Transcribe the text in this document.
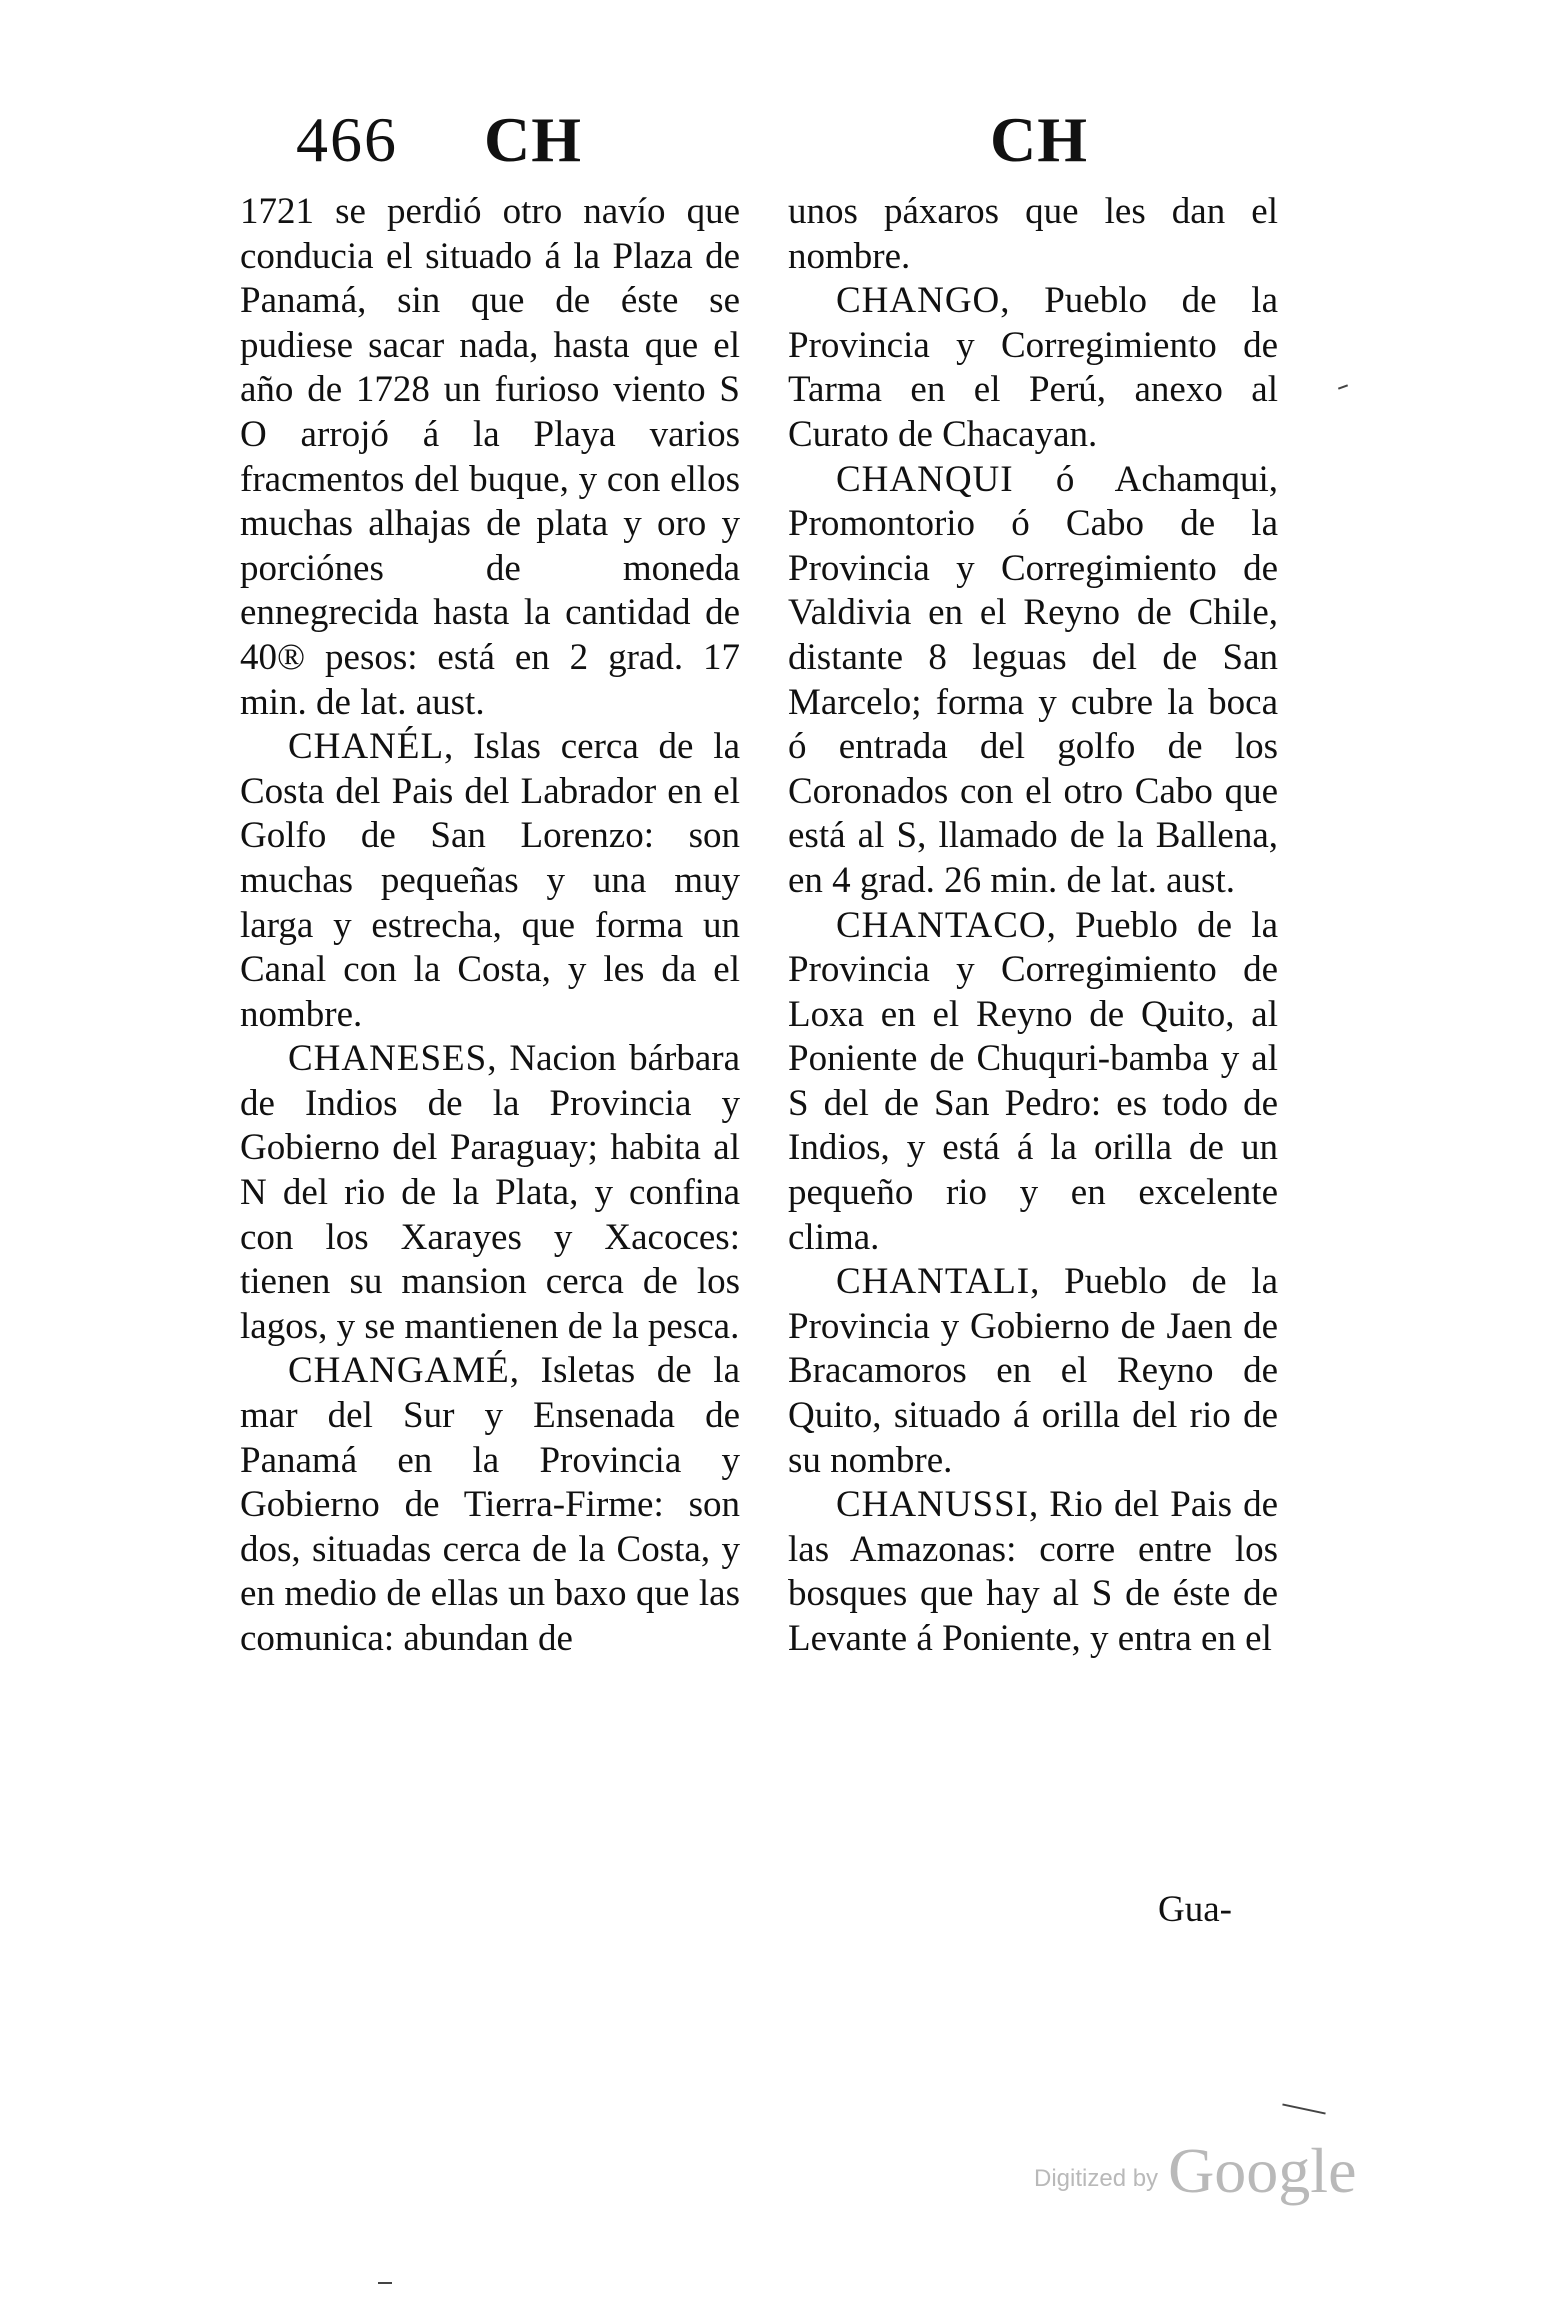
466 CH	CH

1721 se perdió otro navío que conducia el situado á la Plaza de Panamá, sin que de éste se pudiese sacar nada, hasta que el año de 1728 un furioso viento S O arrojó á la Playa varios fracmentos del buque, y con ellos muchas alhajas de plata y oro y porciónes de moneda ennegrecida hasta la cantidad de 40® pesos: está en 2 grad. 17 min. de lat. aust.

CHANÉL, Islas cerca de la Costa del Pais del Labrador en el Golfo de San Lorenzo: son muchas pequeñas y una muy larga y estrecha, que forma un Canal con la Costa, y les da el nombre.

CHANESES, Nacion bárbara de Indios de la Provincia y Gobierno del Paraguay; habita al N del rio de la Plata, y confina con los Xarayes y Xacoces: tienen su mansion cerca de los lagos, y se mantienen de la pesca.

CHANGAMÉ, Isletas de la mar del Sur y Ensenada de Panamá en la Provincia y Gobierno de Tierra-Firme: son dos, situadas cerca de la Costa, y en medio de ellas un baxo que las comunica: abundan de

unos páxaros que les dan el nombre.

CHANGO, Pueblo de la Provincia y Corregimiento de Tarma en el Perú, anexo al Curato de Chacayan.

CHANQUI ó Achamqui, Promontorio ó Cabo de la Provincia y Corregimiento de Valdivia en el Reyno de Chile, distante 8 leguas del de San Marcelo; forma y cubre la boca ó entrada del golfo de los Coronados con el otro Cabo que está al S, llamado de la Ballena, en 4 grad. 26 min. de lat. aust.

CHANTACO, Pueblo de la Provincia y Corregimiento de Loxa en el Reyno de Quito, al Poniente de Chuquri-bamba y al S del de San Pedro: es todo de Indios, y está á la orilla de un pequeño rio y en excelente clima.

CHANTALI, Pueblo de la Provincia y Gobierno de Jaen de Bracamoros en el Reyno de Quito, situado á orilla del rio de su nombre.

CHANUSSI, Rio del Pais de las Amazonas: corre entre los bosques que hay al S de éste de Levante á Poniente, y entra en el

Gua-
Digitized by Google
